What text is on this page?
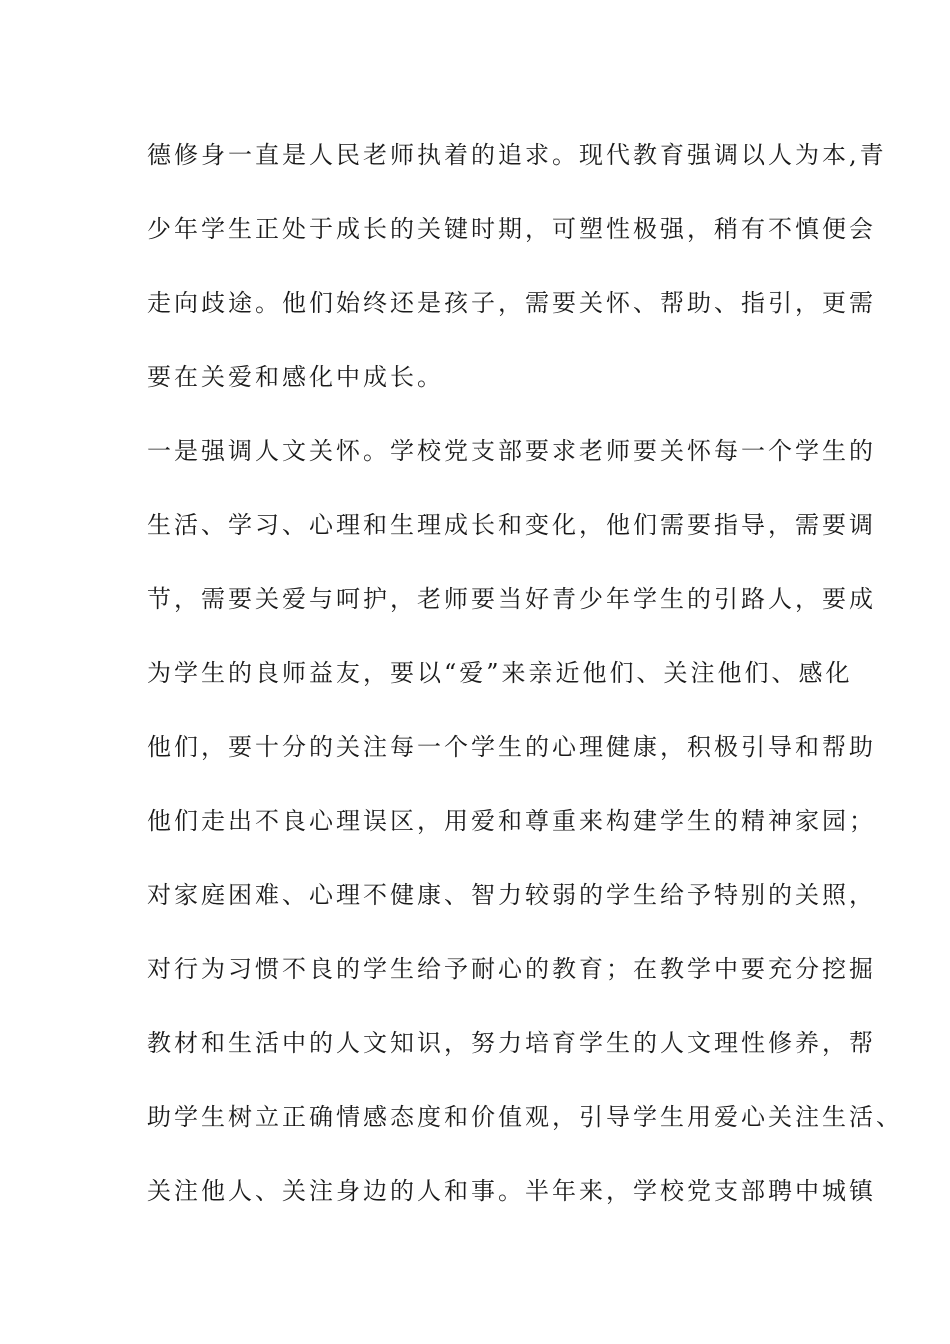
德修身一直是人民老师执着的追求。现代教育强调以人为本,青
少年学生正处于成长的关键时期，可塑性极强，稍有不慎便会
走向歧途。他们始终还是孩子，需要关怀、帮助、指引，更需
要在关爱和感化中成长。
一是强调人文关怀。学校党支部要求老师要关怀每一个学生的
生活、学习、心理和生理成长和变化，他们需要指导，需要调
节，需要关爱与呵护，老师要当好青少年学生的引路人，要成
为学生的良师益友，要以“爱”来亲近他们、关注他们、感化
他们，要十分的关注每一个学生的心理健康，积极引导和帮助
他们走出不良心理误区，用爱和尊重来构建学生的精神家园；
对家庭困难、心理不健康、智力较弱的学生给予特别的关照，
对行为习惯不良的学生给予耐心的教育；在教学中要充分挖掘
教材和生活中的人文知识，努力培育学生的人文理性修养，帮
助学生树立正确情感态度和价值观，引导学生用爱心关注生活、
关注他人、关注身边的人和事。半年来，学校党支部聘中城镇
